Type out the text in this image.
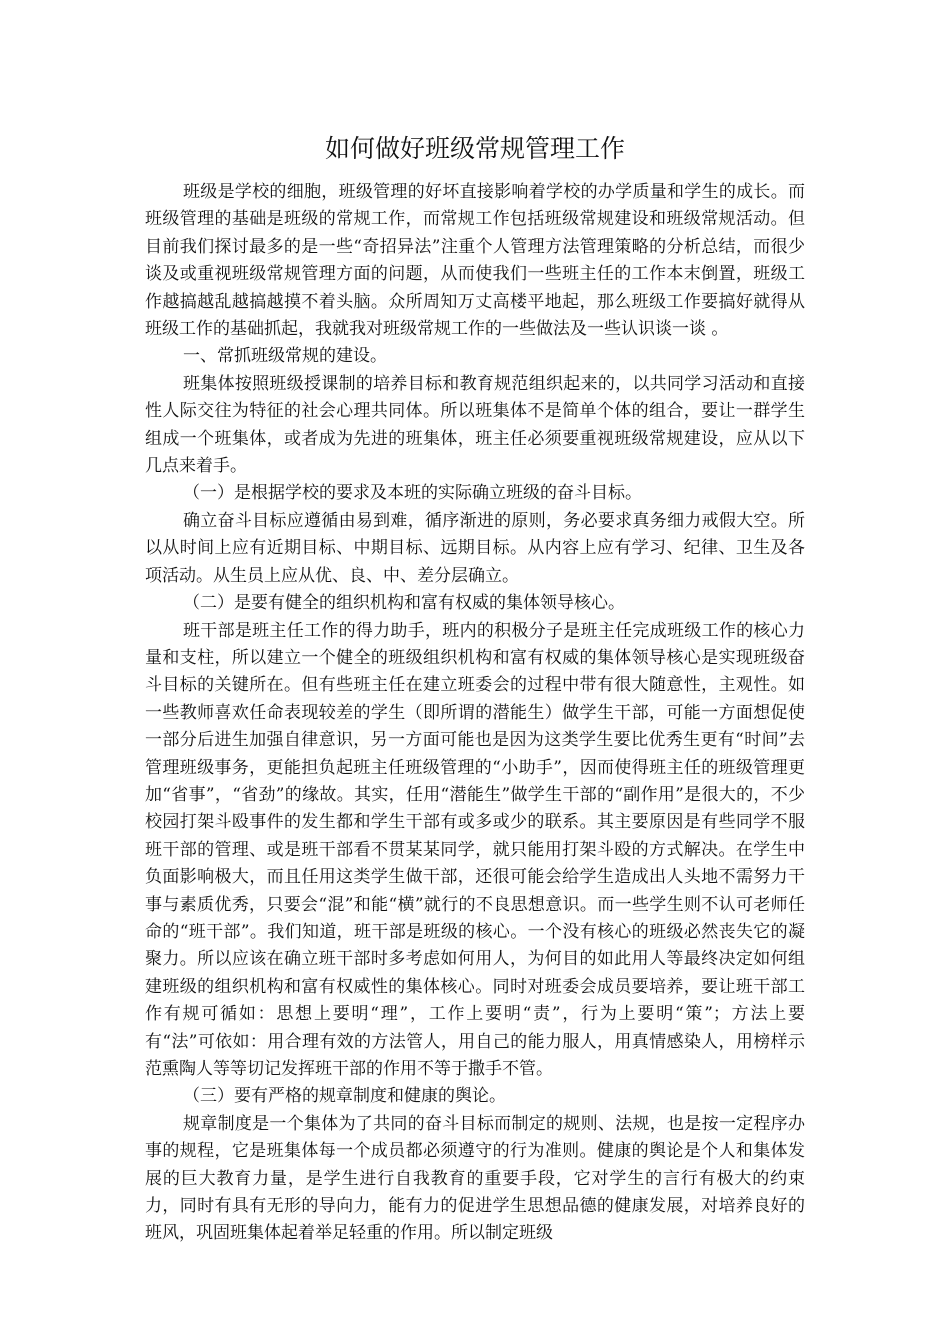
如何做好班级常规管理工作

班级是学校的细胞，班级管理的好坏直接影响着学校的办学质量和学生的成长。而班级管理的基础是班级的常规工作，而常规工作包括班级常规建设和班级常规活动。但目前我们探讨最多的是一些“奇招异法”注重个人管理方法管理策略的分析总结，而很少谈及或重视班级常规管理方面的问题，从而使我们一些班主任的工作本末倒置，班级工作越搞越乱越搞越摸不着头脑。众所周知万丈高楼平地起，那么班级工作要搞好就得从班级工作的基础抓起，我就我对班级常规工作的一些做法及一些认识谈一谈 。

一、常抓班级常规的建设。

班集体按照班级授课制的培养目标和教育规范组织起来的，以共同学习活动和直接性人际交往为特征的社会心理共同体。所以班集体不是简单个体的组合，要让一群学生组成一个班集体，或者成为先进的班集体，班主任必须要重视班级常规建设，应从以下几点来着手。

（一）是根据学校的要求及本班的实际确立班级的奋斗目标。

确立奋斗目标应遵循由易到难，循序渐进的原则，务必要求真务细力戒假大空。所以从时间上应有近期目标、中期目标、远期目标。从内容上应有学习、纪律、卫生及各项活动。从生员上应从优、良、中、差分层确立。

（二）是要有健全的组织机构和富有权威的集体领导核心。

班干部是班主任工作的得力助手，班内的积极分子是班主任完成班级工作的核心力量和支柱，所以建立一个健全的班级组织机构和富有权威的集体领导核心是实现班级奋斗目标的关键所在。但有些班主任在建立班委会的过程中带有很大随意性，主观性。如一些教师喜欢任命表现较差的学生（即所谓的潜能生）做学生干部，可能一方面想促使一部分后进生加强自律意识，另一方面可能也是因为这类学生要比优秀生更有“时间”去管理班级事务，更能担负起班主任班级管理的“小助手”，因而使得班主任的班级管理更加“省事”，“省劲”的缘故。其实，任用“潜能生”做学生干部的“副作用”是很大的，不少校园打架斗殴事件的发生都和学生干部有或多或少的联系。其主要原因是有些同学不服班干部的管理、或是班干部看不贯某某同学，就只能用打架斗殴的方式解决。在学生中负面影响极大，而且任用这类学生做干部，还很可能会给学生造成出人头地不需努力干事与素质优秀，只要会“混”和能“横”就行的不良思想意识。而一些学生则不认可老师任命的“班干部”。我们知道，班干部是班级的核心。一个没有核心的班级必然丧失它的凝聚力。所以应该在确立班干部时多考虑如何用人，为何目的如此用人等最终决定如何组建班级的组织机构和富有权威性的集体核心。同时对班委会成员要培养，要让班干部工作有规可循如：思想上要明“理”，工作上要明“责”，行为上要明“策”；方法上要有“法”可依如：用合理有效的方法管人，用自己的能力服人，用真情感染人，用榜样示范熏陶人等等切记发挥班干部的作用不等于撒手不管。

（三）要有严格的规章制度和健康的舆论。

规章制度是一个集体为了共同的奋斗目标而制定的规则、法规，也是按一定程序办事的规程，它是班集体每一个成员都必须遵守的行为准则。健康的舆论是个人和集体发展的巨大教育力量，是学生进行自我教育的重要手段，它对学生的言行有极大的约束力，同时有具有无形的导向力，能有力的促进学生思想品德的健康发展，对培养良好的班风，巩固班集体起着举足轻重的作用。所以制定班级
